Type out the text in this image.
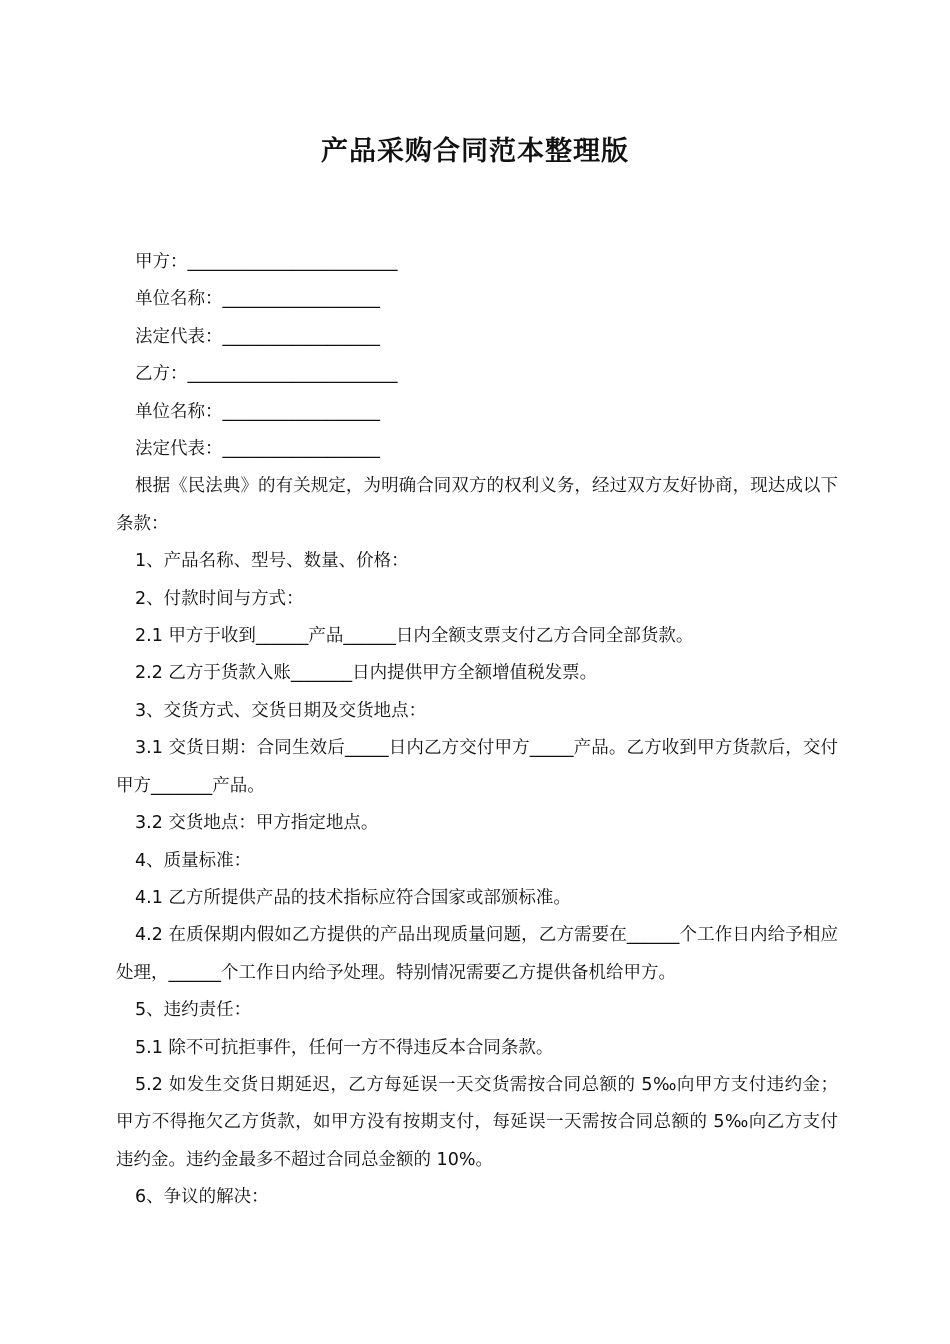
产品采购合同范本整理版

甲方：________________________

单位名称：__________________

法定代表：__________________

乙方：________________________

单位名称：__________________

法定代表：__________________

根据《民法典》的有关规定，为明确合同双方的权利义务，经过双方友好协商，现达成以下条款：

1、产品名称、型号、数量、价格：

2、付款时间与方式：

2.1 甲方于收到______产品______日内全额支票支付乙方合同全部货款。

2.2 乙方于货款入账_______日内提供甲方全额增值税发票。

3、交货方式、交货日期及交货地点：

3.1 交货日期：合同生效后_____日内乙方交付甲方_____产品。乙方收到甲方货款后，交付甲方_______产品。

3.2 交货地点：甲方指定地点。

4、质量标准：

4.1 乙方所提供产品的技术指标应符合国家或部颁标准。

4.2 在质保期内假如乙方提供的产品出现质量问题，乙方需要在______个工作日内给予相应处理，______个工作日内给予处理。特别情况需要乙方提供备机给甲方。

5、违约责任：

5.1 除不可抗拒事件，任何一方不得违反本合同条款。

5.2 如发生交货日期延迟，乙方每延误一天交货需按合同总额的 5‰向甲方支付违约金；甲方不得拖欠乙方货款，如甲方没有按期支付，每延误一天需按合同总额的 5‰向乙方支付违约金。违约金最多不超过合同总金额的 10%。

6、争议的解决：
